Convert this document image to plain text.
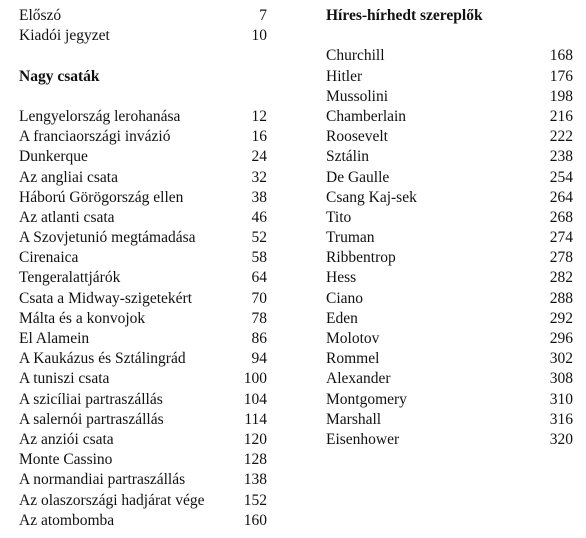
Előszó	7
Kiadói jegyzet	10
Nagy csaták
Lengyelország lerohanása	12
A franciaországi invázió	16
Dunkerque	24
Az angliai csata	32
Háború Görögország ellen	38
Az atlanti csata	46
A Szovjetunió megtámadása	52
Cirenaica	58
Tengeralattjárók	64
Csata a Midway-szigetekért	70
Málta és a konvojok	78
El Alamein	86
A Kaukázus és Sztálingrád	94
A tuniszi csata	100
A szicíliai partraszállás	104
A salernói partraszállás	114
Az anziói csata	120
Monte Cassino	128
A normandiai partraszállás	138
Az olaszországi hadjárat vége	152
Az atombomba	160
Híres-hírhedt szereplők
Churchill	168
Hitler	176
Mussolini	198
Chamberlain	216
Roosevelt	222
Sztálin	238
De Gaulle	254
Csang Kaj-sek	264
Tito	268
Truman	274
Ribbentrop	278
Hess	282
Ciano	288
Eden	292
Molotov	296
Rommel	302
Alexander	308
Montgomery	310
Marshall	316
Eisenhower	320
